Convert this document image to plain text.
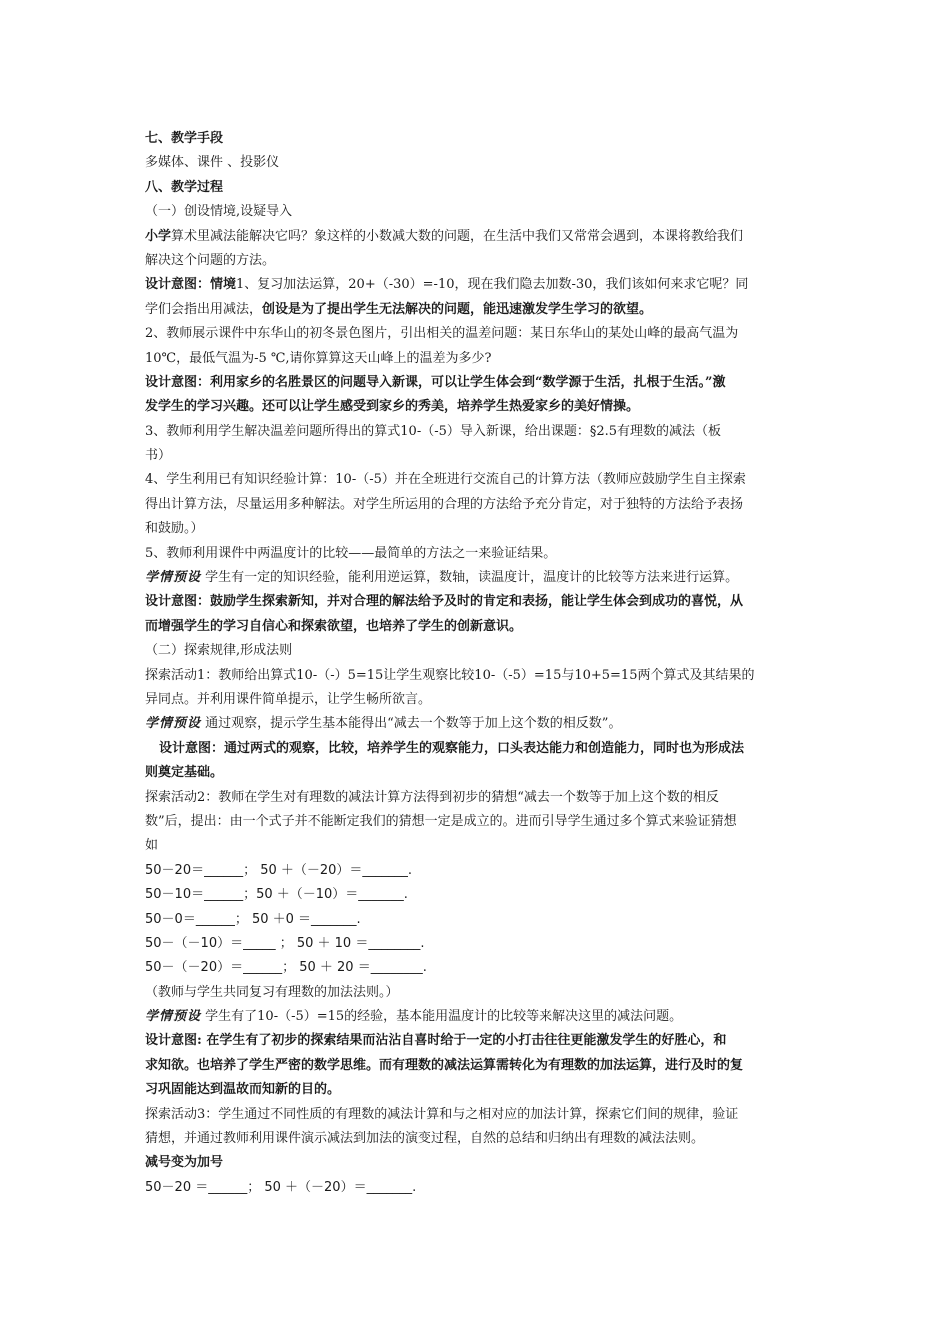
七、教学手段
多媒体、课件 、投影仪
八、教学过程
（一）创设情境,设疑导入
小学算术里减法能解决它吗？象这样的小数减大数的问题，在生活中我们又常常会遇到，本课将教给我们
解决这个问题的方法。
设计意图：情境1、复习加法运算，20+（-30）=-10，现在我们隐去加数-30，我们该如何来求它呢？同
学们会指出用减法，创设是为了提出学生无法解决的问题，能迅速激发学生学习的欲望。
2、教师展示课件中东华山的初冬景色图片，引出相关的温差问题：某日东华山的某处山峰的最高气温为
10℃，最低气温为-5 ℃,请你算算这天山峰上的温差为多少?
设计意图：利用家乡的名胜景区的问题导入新课，可以让学生体会到“数学源于生活，扎根于生活。”激
发学生的学习兴趣。还可以让学生感受到家乡的秀美，培养学生热爱家乡的美好情操。
3、教师利用学生解决温差问题所得出的算式10-（-5）导入新课，给出课题：§2.5有理数的减法（板
书）
4、学生利用已有知识经验计算：10-（-5）并在全班进行交流自己的计算方法（教师应鼓励学生自主探索
得出计算方法，尽量运用多种解法。对学生所运用的合理的方法给予充分肯定，对于独特的方法给予表扬
和鼓励。）
5、教师利用课件中两温度计的比较——最简单的方法之一来验证结果。
学情预设 学生有一定的知识经验，能利用逆运算，数轴，读温度计，温度计的比较等方法来进行运算。
设计意图：鼓励学生探索新知，并对合理的解法给予及时的肯定和表扬，能让学生体会到成功的喜悦，从
而增强学生的学习自信心和探索欲望，也培养了学生的创新意识。
（二）探索规律,形成法则
探索活动1：教师给出算式10-（-）5=15让学生观察比较10-（-5）=15与10+5=15两个算式及其结果的
异同点。并利用课件简单提示，让学生畅所欲言。
学情预设 通过观察，提示学生基本能得出“减去一个数等于加上这个数的相反数”。
设计意图：通过两式的观察，比较，培养学生的观察能力，口头表达能力和创造能力，同时也为形成法
则奠定基础。
探索活动2：教师在学生对有理数的减法计算方法得到初步的猜想“减去一个数等于加上这个数的相反
数”后，提出：由一个式子并不能断定我们的猜想一定是成立的。进而引导学生通过多个算式来验证猜想
如
50－20＝______； 50 ＋（－20）＝_______.
50－10＝______；50 ＋（－10）＝_______.
50－0＝______； 50 ＋0 ＝_______.
50－（－10）＝_____ ； 50 ＋ 10 ＝________.
50－（－20）＝______； 50 ＋ 20 ＝________.
（教师与学生共同复习有理数的加法法则。）
学情预设 学生有了10-（-5）=15的经验，基本能用温度计的比较等来解决这里的减法问题。
设计意图: 在学生有了初步的探索结果而沾沾自喜时给于一定的小打击往往更能激发学生的好胜心，和
求知欲。也培养了学生严密的数学思维。而有理数的减法运算需转化为有理数的加法运算，进行及时的复
习巩固能达到温故而知新的目的。
探索活动3：学生通过不同性质的有理数的减法计算和与之相对应的加法计算，探索它们间的规律，验证
猜想，并通过教师利用课件演示减法到加法的演变过程，自然的总结和归纳出有理数的减法法则。
减号变为加号
50－20 ＝______； 50 ＋（－20）＝_______.
